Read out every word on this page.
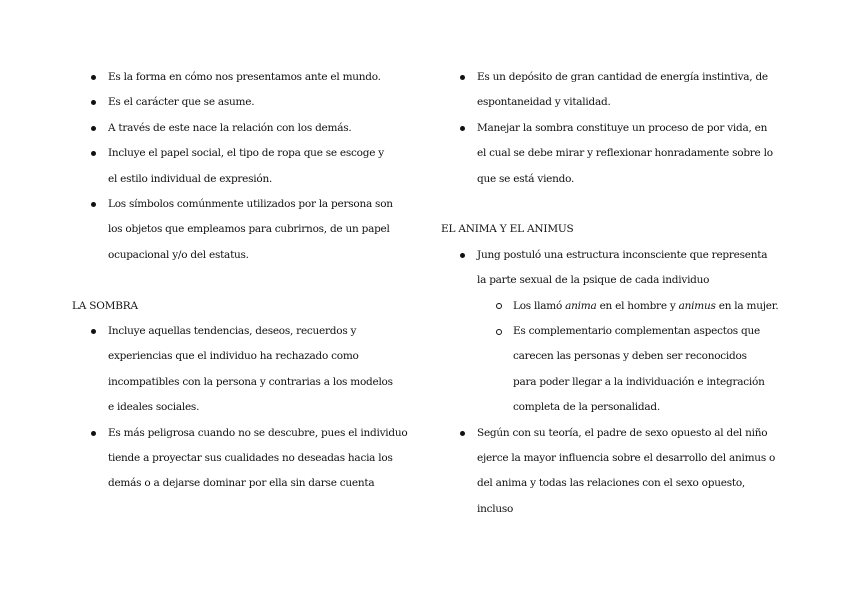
Es la forma en cómo nos presentamos ante el mundo.
Es el carácter que se asume.
A través de este nace la relación con los demás.
Incluye el papel social, el tipo de ropa que se escoge y el estilo individual de expresión.
Los símbolos comúnmente utilizados por la persona son los objetos que empleamos para cubrirnos, de un papel ocupacional y/o del estatus.

LA SOMBRA

Incluye aquellas tendencias, deseos, recuerdos y experiencias que el individuo ha rechazado como incompatibles con la persona y contrarias a los modelos e ideales sociales.
Es más peligrosa cuando no se descubre, pues el individuo tiende a proyectar sus cualidades no deseadas hacia los demás o a dejarse dominar por ella sin darse cuenta
Es un depósito de gran cantidad de energía instintiva, de espontaneidad y vitalidad.
Manejar la sombra constituye un proceso de por vida, en el cual se debe mirar y reflexionar honradamente sobre lo que se está viendo.

EL ANIMA Y EL ANIMUS

Jung postuló una estructura inconsciente que representa la parte sexual de la psique de cada individuo
Los llamó anima en el hombre y animus en la mujer.
Es complementario complementan aspectos que carecen las personas y deben ser reconocidos para poder llegar a la individuación e integración completa de la personalidad.
Según con su teoría, el padre de sexo opuesto al del niño ejerce la mayor influencia sobre el desarrollo del animus o del anima y todas las relaciones con el sexo opuesto, incluso
